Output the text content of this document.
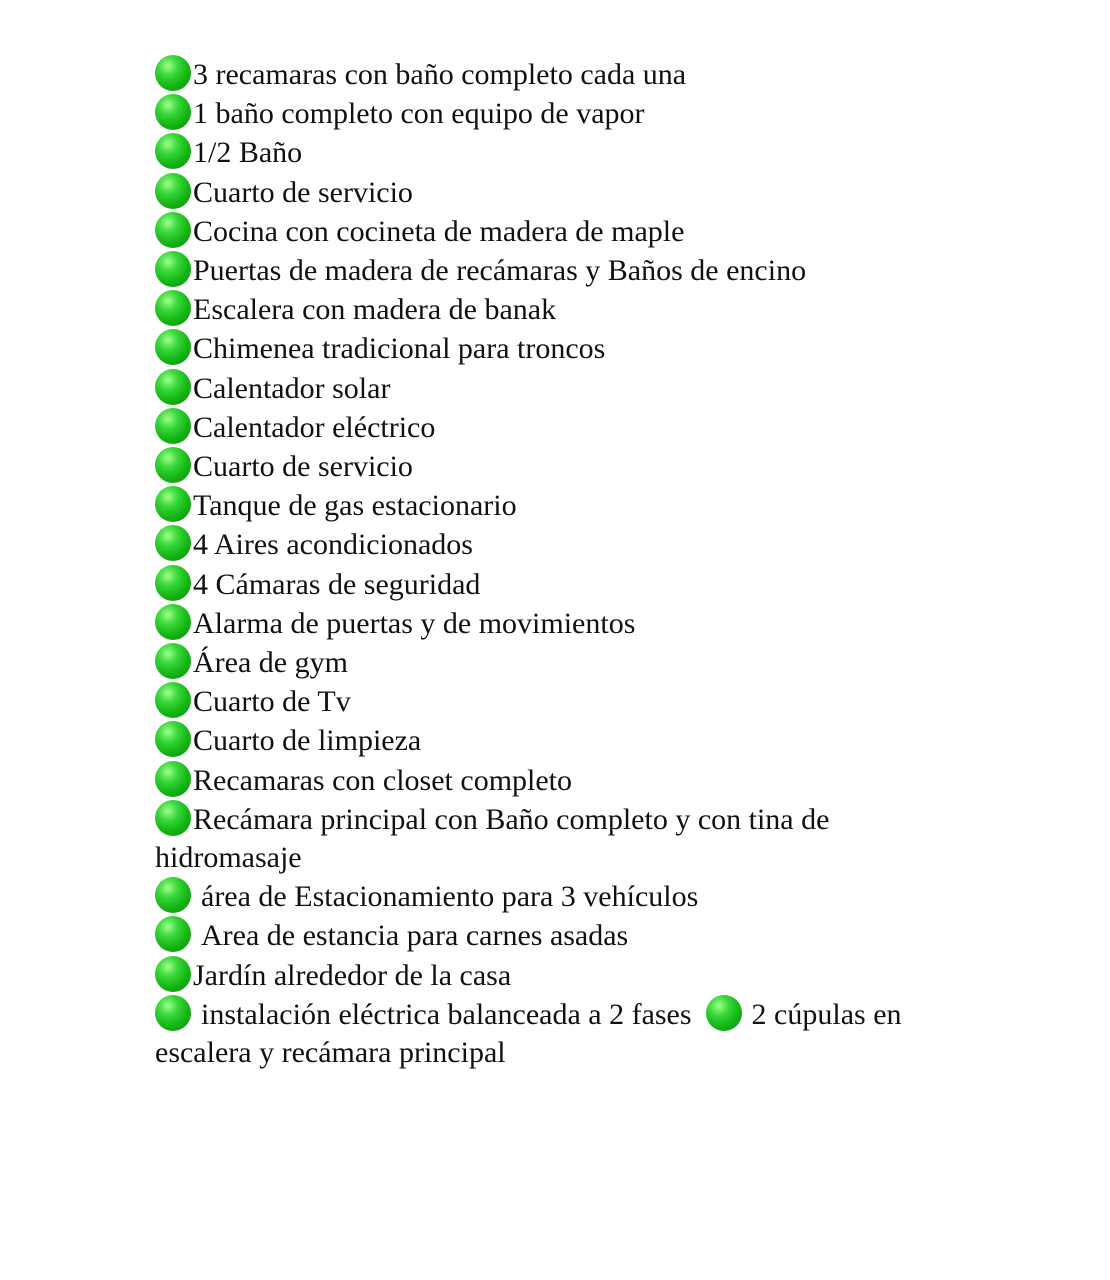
3 recamaras con baño completo cada una
1 baño completo con equipo de vapor
1/2 Baño
Cuarto de servicio
Cocina con cocineta de madera de maple
Puertas de madera de recámaras y Baños de encino
Escalera con madera de banak
Chimenea tradicional para troncos
Calentador solar
Calentador eléctrico
Cuarto de servicio
Tanque de gas estacionario
4 Aires acondicionados
4 Cámaras de seguridad
Alarma de puertas y de movimientos
Área de gym
Cuarto de Tv
Cuarto de limpieza
Recamaras con closet completo
Recámara principal con Baño completo y con tina de hidromasaje
área de Estacionamiento para 3 vehículos
Area de estancia para carnes asadas
Jardín alrededor de la casa
instalación eléctrica balanceada a 2 fases 2 cúpulas en escalera y recámara principal
